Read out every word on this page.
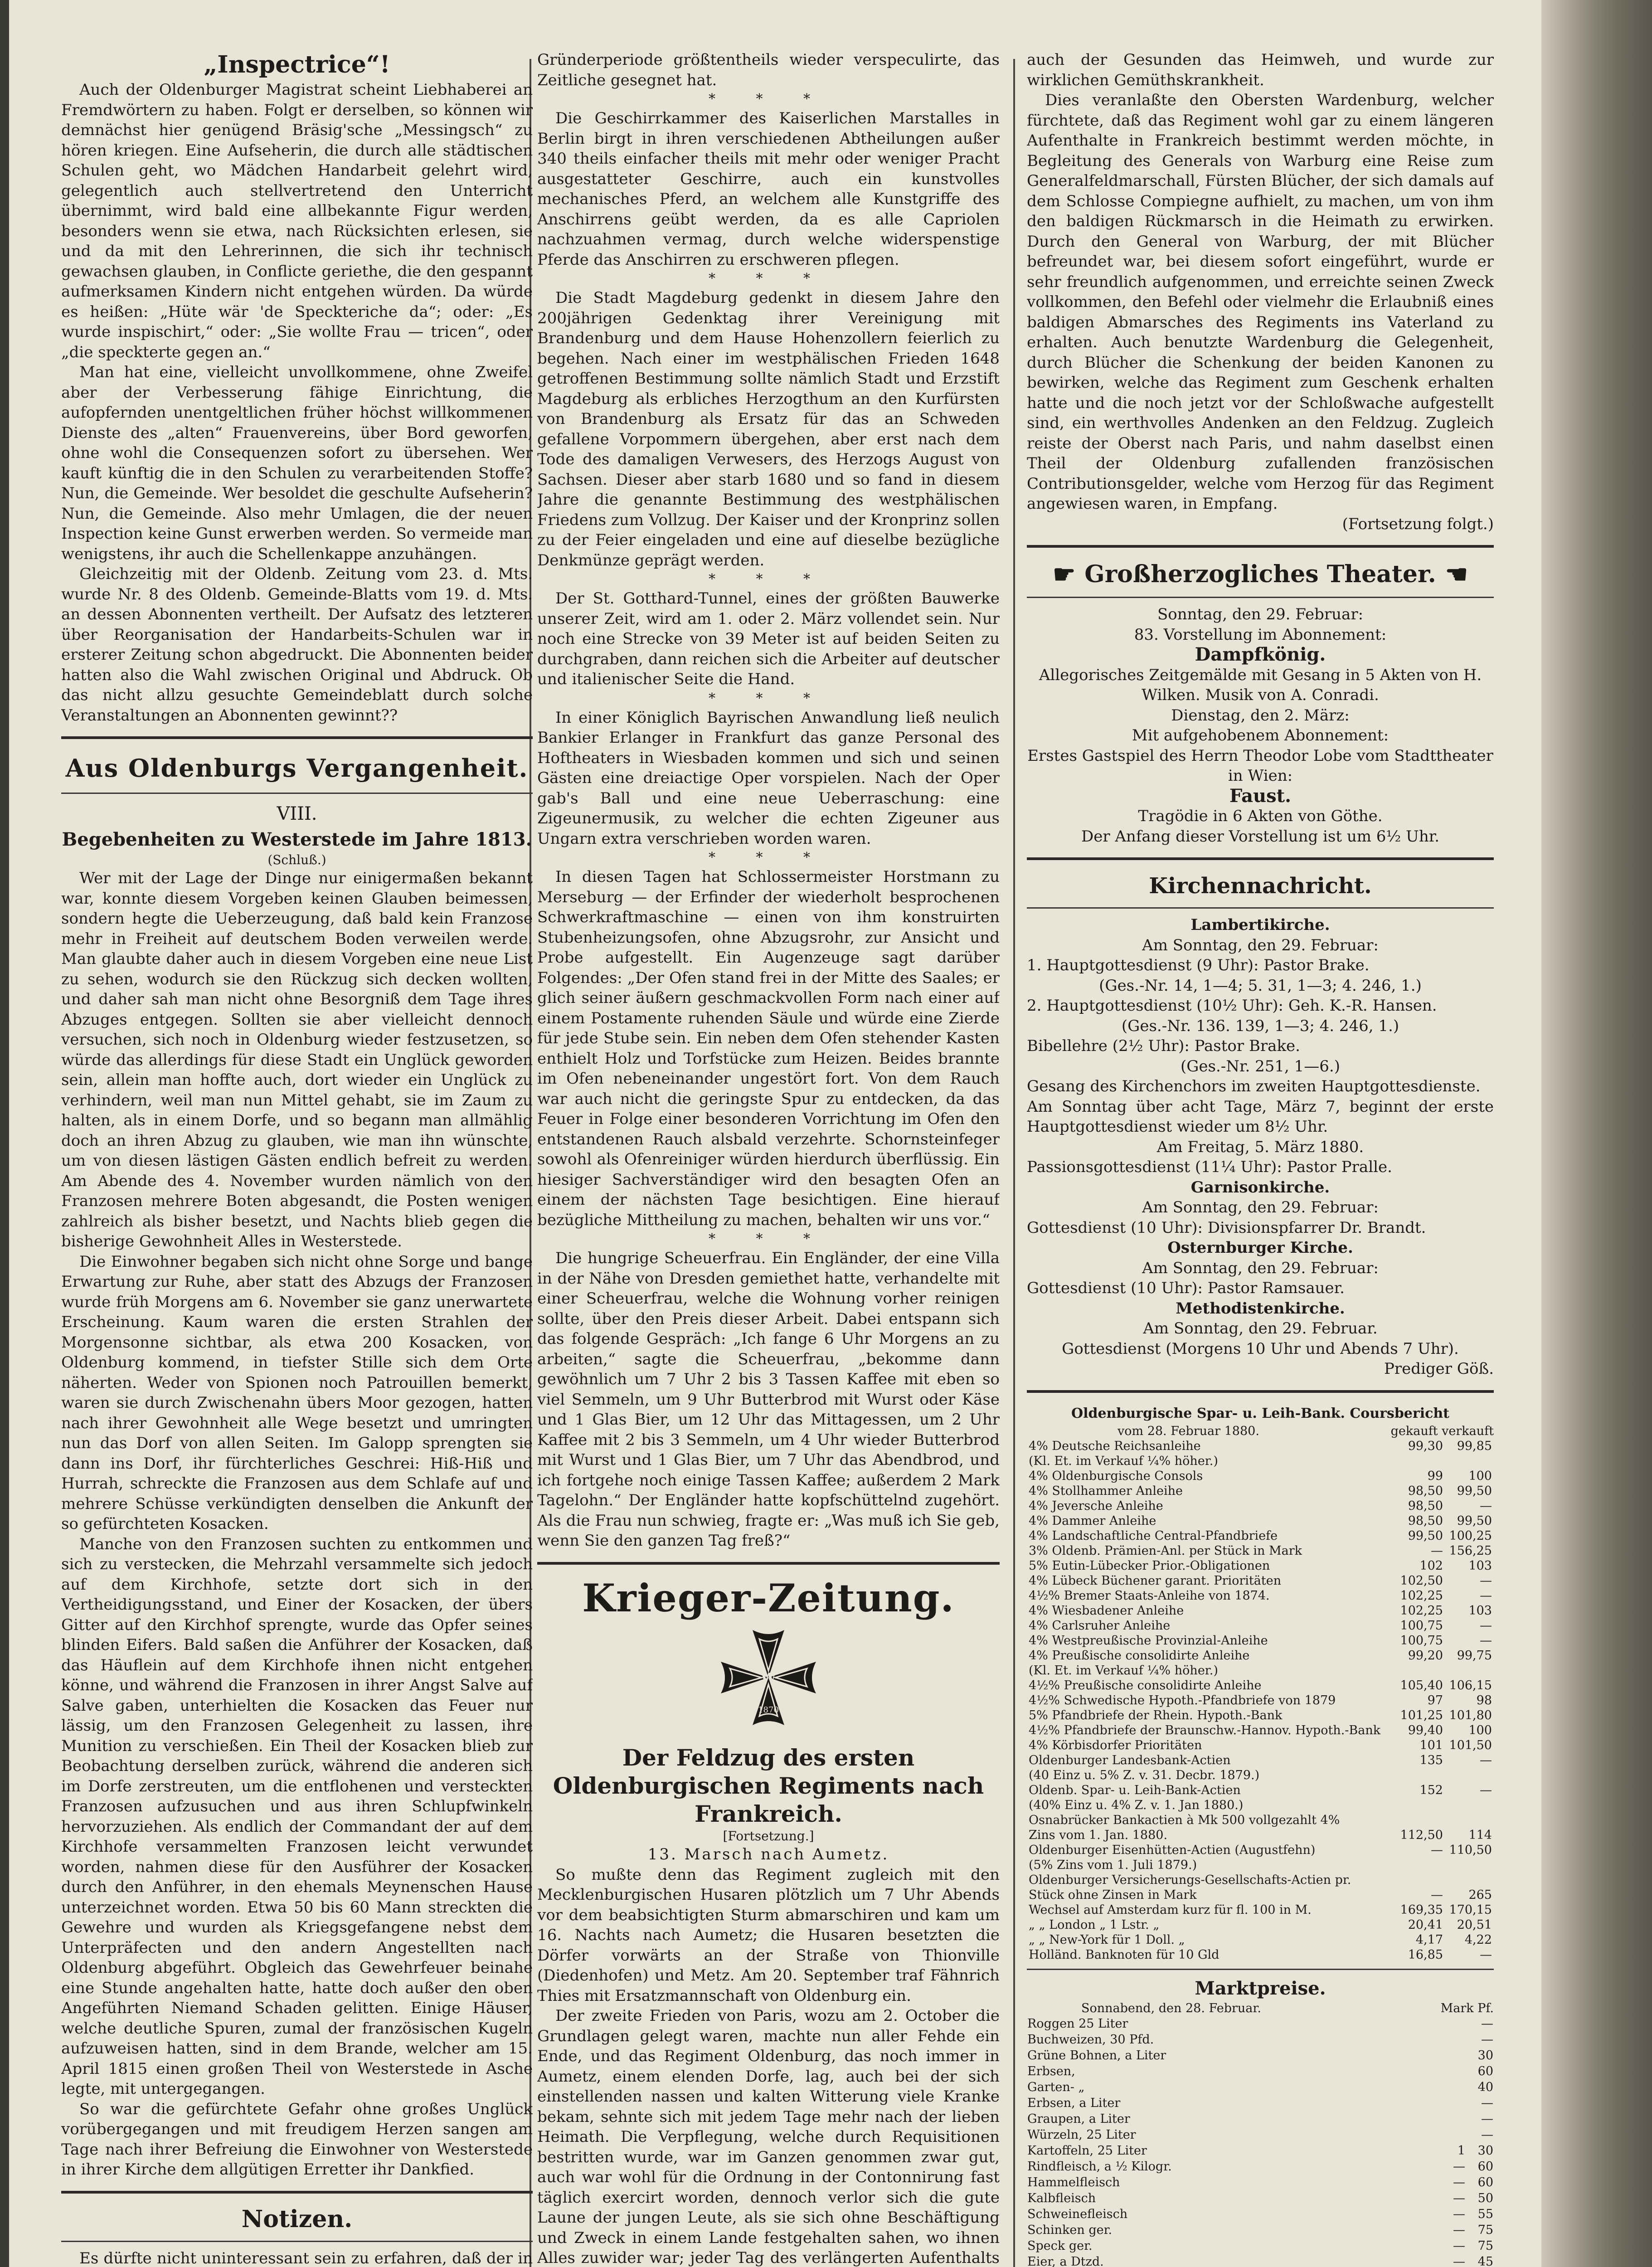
„Inspectrice“!

Auch der Oldenburger Magistrat scheint Liebhaberei an Fremdwörtern zu haben. Folgt er derselben, so können wir demnächst hier genügend Bräsig'sche „Messingsch“ zu hören kriegen. Eine Aufseherin, die durch alle städtischen Schulen geht, wo Mädchen Handarbeit gelehrt wird, gelegentlich auch stellvertretend den Unterricht übernimmt, wird bald eine allbekannte Figur werden, besonders wenn sie etwa, nach Rücksichten erlesen, sie und da mit den Lehrerinnen, die sich ihr technisch gewachsen glauben, in Conflicte geriethe, die den gespannt aufmerksamen Kindern nicht entgehen würden. Da würde es heißen: „Hüte wär 'de Speckteriche da“; oder: „Es wurde inspischirt,“ oder: „Sie wollte Frau — tricen“, oder „die speckterte gegen an.“

Man hat eine, vielleicht unvollkommene, ohne Zweifel aber der Verbesserung fähige Einrichtung, die aufopfernden unentgeltlichen früher höchst willkommenen Dienste des „alten“ Frauenvereins, über Bord geworfen, ohne wohl die Consequenzen sofort zu übersehen. Wer kauft künftig die in den Schulen zu verarbeitenden Stoffe? Nun, die Gemeinde. Wer besoldet die geschulte Aufseherin? Nun, die Gemeinde. Also mehr Umlagen, die der neuen Inspection keine Gunst erwerben werden. So vermeide man wenigstens, ihr auch die Schellenkappe anzuhängen.

Gleichzeitig mit der Oldenb. Zeitung vom 23. d. Mts. wurde Nr. 8 des Oldenb. Gemeinde-Blatts vom 19. d. Mts. an dessen Abonnenten vertheilt. Der Aufsatz des letzteren über Reorganisation der Handarbeits-Schulen war in ersterer Zeitung schon abgedruckt. Die Abonnenten beider hatten also die Wahl zwischen Original und Abdruck. Ob das nicht allzu gesuchte Gemeindeblatt durch solche Veranstaltungen an Abonnenten gewinnt??

Aus Oldenburgs Vergangenheit.
VIII.
Begebenheiten zu Westerstede im Jahre 1813.
(Schluß.)

Wer mit der Lage der Dinge nur einigermaßen bekannt war, konnte diesem Vorgeben keinen Glauben beimessen, sondern hegte die Ueberzeugung, daß bald kein Franzose mehr in Freiheit auf deutschem Boden verweilen werde. Man glaubte daher auch in diesem Vorgeben eine neue List zu sehen, wodurch sie den Rückzug sich decken wollten, und daher sah man nicht ohne Besorgniß dem Tage ihres Abzuges entgegen. Sollten sie aber vielleicht dennoch versuchen, sich noch in Oldenburg wieder festzusetzen, so würde das allerdings für diese Stadt ein Unglück geworden sein, allein man hoffte auch, dort wieder ein Unglück zu verhindern, weil man nun Mittel gehabt, sie im Zaum zu halten, als in einem Dorfe, und so begann man allmählig doch an ihren Abzug zu glauben, wie man ihn wünschte, um von diesen lästigen Gästen endlich befreit zu werden. Am Abende des 4. November wurden nämlich von den Franzosen mehrere Boten abgesandt, die Posten wenigen zahlreich als bisher besetzt, und Nachts blieb gegen die bisherige Gewohnheit Alles in Westerstede.

Die Einwohner begaben sich nicht ohne Sorge und bange Erwartung zur Ruhe, aber statt des Abzugs der Franzosen wurde früh Morgens am 6. November sie ganz unerwartete Erscheinung. Kaum waren die ersten Strahlen der Morgensonne sichtbar, als etwa 200 Kosacken, von Oldenburg kommend, in tiefster Stille sich dem Orte näherten. Weder von Spionen noch Patrouillen bemerkt, waren sie durch Zwischenahn übers Moor gezogen, hatten nach ihrer Gewohnheit alle Wege besetzt und umringten nun das Dorf von allen Seiten. Im Galopp sprengten sie dann ins Dorf, ihr fürchterliches Geschrei: Hiß-Hiß und Hurrah, schreckte die Franzosen aus dem Schlafe auf und mehrere Schüsse verkündigten denselben die Ankunft der so gefürchteten Kosacken.

Manche von den Franzosen suchten zu entkommen und sich zu verstecken, die Mehrzahl versammelte sich jedoch auf dem Kirchhofe, setzte dort sich in den Vertheidigungsstand, und Einer der Kosacken, der übers Gitter auf den Kirchhof sprengte, wurde das Opfer seines blinden Eifers. Bald saßen die Anführer der Kosacken, daß das Häuflein auf dem Kirchhofe ihnen nicht entgehen könne, und während die Franzosen in ihrer Angst Salve auf Salve gaben, unterhielten die Kosacken das Feuer nur lässig, um den Franzosen Gelegenheit zu lassen, ihre Munition zu verschießen. Ein Theil der Kosacken blieb zur Beobachtung derselben zurück, während die anderen sich im Dorfe zerstreuten, um die entflohenen und versteckten Franzosen aufzusuchen und aus ihren Schlupfwinkeln hervorzuziehen. Als endlich der Commandant der auf dem Kirchhofe versammelten Franzosen leicht verwundet worden, nahmen diese für den Ausführer der Kosacken durch den Anführer, in den ehemals Meynenschen Hause unterzeichnet worden. Etwa 50 bis 60 Mann streckten die Gewehre und wurden als Kriegsgefangene nebst dem Unterpräfecten und den andern Angestellten nach Oldenburg abgeführt. Obgleich das Gewehrfeuer beinahe eine Stunde angehalten hatte, hatte doch außer den oben Angeführten Niemand Schaden gelitten. Einige Häuser, welche deutliche Spuren, zumal der französischen Kugeln aufzuweisen hatten, sind in dem Brande, welcher am 15. April 1815 einen großen Theil von Westerstede in Asche legte, mit untergegangen.

So war die gefürchtete Gefahr ohne großes Unglück vorübergegangen und mit freudigem Herzen sangen am Tage nach ihrer Befreiung die Einwohner von Westerstede in ihrer Kirche dem allgütigen Erretter ihr Dankfied.

Notizen.

Es dürfte nicht uninteressant sein zu erfahren, daß der in

Gründerperiode größtentheils wieder verspeculirte, das Zeitliche gesegnet hat.

* * *

Die Geschirrkammer des Kaiserlichen Marstalles in Berlin birgt in ihren verschiedenen Abtheilungen außer 340 theils einfacher theils mit mehr oder weniger Pracht ausgestatteter Geschirre, auch ein kunstvolles mechanisches Pferd, an welchem alle Kunstgriffe des Anschirrens geübt werden, da es alle Capriolen nachzuahmen vermag, durch welche widerspenstige Pferde das Anschirren zu erschweren pflegen.

* * *

Die Stadt Magdeburg gedenkt in diesem Jahre den 200jährigen Gedenktag ihrer Vereinigung mit Brandenburg und dem Hause Hohenzollern feierlich zu begehen. Nach einer im westphälischen Frieden 1648 getroffenen Bestimmung sollte nämlich Stadt und Erzstift Magdeburg als erbliches Herzogthum an den Kurfürsten von Brandenburg als Ersatz für das an Schweden gefallene Vorpommern übergehen, aber erst nach dem Tode des damaligen Verwesers, des Herzogs August von Sachsen. Dieser aber starb 1680 und so fand in diesem Jahre die genannte Bestimmung des westphälischen Friedens zum Vollzug. Der Kaiser und der Kronprinz sollen zu der Feier eingeladen und eine auf dieselbe bezügliche Denkmünze geprägt werden.

* * *

Der St. Gotthard-Tunnel, eines der größten Bauwerke unserer Zeit, wird am 1. oder 2. März vollendet sein. Nur noch eine Strecke von 39 Meter ist auf beiden Seiten zu durchgraben, dann reichen sich die Arbeiter auf deutscher und italienischer Seite die Hand.

* * *

In einer Königlich Bayrischen Anwandlung ließ neulich Bankier Erlanger in Frankfurt das ganze Personal des Hoftheaters in Wiesbaden kommen und sich und seinen Gästen eine dreiactige Oper vorspielen. Nach der Oper gab's Ball und eine neue Ueberraschung: eine Zigeunermusik, zu welcher die echten Zigeuner aus Ungarn extra verschrieben worden waren.

* * *

In diesen Tagen hat Schlossermeister Horstmann zu Merseburg — der Erfinder der wiederholt besprochenen Schwerkraftmaschine — einen von ihm konstruirten Stubenheizungsofen, ohne Abzugsrohr, zur Ansicht und Probe aufgestellt. Ein Augenzeuge sagt darüber Folgendes: „Der Ofen stand frei in der Mitte des Saales; er glich seiner äußern geschmackvollen Form nach einer auf einem Postamente ruhenden Säule und würde eine Zierde für jede Stube sein. Ein neben dem Ofen stehender Kasten enthielt Holz und Torfstücke zum Heizen. Beides brannte im Ofen nebeneinander ungestört fort. Von dem Rauch war auch nicht die geringste Spur zu entdecken, da das Feuer in Folge einer besonderen Vorrichtung im Ofen den entstandenen Rauch alsbald verzehrte. Schornsteinfeger sowohl als Ofenreiniger würden hierdurch überflüssig. Ein hiesiger Sachverständiger wird den besagten Ofen an einem der nächsten Tage besichtigen. Eine hierauf bezügliche Mittheilung zu machen, behalten wir uns vor.“

* * *

Die hungrige Scheuerfrau. Ein Engländer, der eine Villa in der Nähe von Dresden gemiethet hatte, verhandelte mit einer Scheuerfrau, welche die Wohnung vorher reinigen sollte, über den Preis dieser Arbeit. Dabei entspann sich das folgende Gespräch: „Ich fange 6 Uhr Morgens an zu arbeiten,“ sagte die Scheuerfrau, „bekomme dann gewöhnlich um 7 Uhr 2 bis 3 Tassen Kaffee mit eben so viel Semmeln, um 9 Uhr Butterbrod mit Wurst oder Käse und 1 Glas Bier, um 12 Uhr das Mittagessen, um 2 Uhr Kaffee mit 2 bis 3 Semmeln, um 4 Uhr wieder Butterbrod mit Wurst und 1 Glas Bier, um 7 Uhr das Abendbrod, und ich fortgehe noch einige Tassen Kaffee; außerdem 2 Mark Tagelohn.“ Der Engländer hatte kopfschüttelnd zugehört. Als die Frau nun schwieg, fragte er: „Was muß ich Sie geb, wenn Sie den ganzen Tag freß?“

Krieger-Zeitung.
W
1870
Der Feldzug des ersten Oldenburgischen Regiments nach Frankreich.
[Fortsetzung.]
13. Marsch nach Aumetz.

So mußte denn das Regiment zugleich mit den Mecklenburgischen Husaren plötzlich um 7 Uhr Abends vor dem beabsichtigten Sturm abmarschiren und kam um 16. Nachts nach Aumetz; die Husaren besetzten die Dörfer vorwärts an der Straße von Thionville (Diedenhofen) und Metz. Am 20. September traf Fähnrich Thies mit Ersatzmannschaft von Oldenburg ein.

Der zweite Frieden von Paris, wozu am 2. October die Grundlagen gelegt waren, machte nun aller Fehde ein Ende, und das Regiment Oldenburg, das noch immer in Aumetz, einem elenden Dorfe, lag, auch bei der sich einstellenden nassen und kalten Witterung viele Kranke bekam, sehnte sich mit jedem Tage mehr nach der lieben Heimath. Die Verpflegung, welche durch Requisitionen bestritten wurde, war im Ganzen genommen zwar gut, auch war wohl für die Ordnung in der Contonnirung fast täglich exercirt worden, dennoch verlor sich die gute Laune der jungen Leute, als sie sich ohne Beschäftigung und Zweck in einem Lande festgehalten sahen, wo ihnen Alles zuwider war; jeder Tag des verlängerten Aufenthalts

auch der Gesunden das Heimweh, und wurde zur wirklichen Gemüthskrankheit.

Dies veranlaßte den Obersten Wardenburg, welcher fürchtete, daß das Regiment wohl gar zu einem längeren Aufenthalte in Frankreich bestimmt werden möchte, in Begleitung des Generals von Warburg eine Reise zum Generalfeldmarschall, Fürsten Blücher, der sich damals auf dem Schlosse Compiegne aufhielt, zu machen, um von ihm den baldigen Rückmarsch in die Heimath zu erwirken. Durch den General von Warburg, der mit Blücher befreundet war, bei diesem sofort eingeführt, wurde er sehr freundlich aufgenommen, und erreichte seinen Zweck vollkommen, den Befehl oder vielmehr die Erlaubniß eines baldigen Abmarsches des Regiments ins Vaterland zu erhalten. Auch benutzte Wardenburg die Gelegenheit, durch Blücher die Schenkung der beiden Kanonen zu bewirken, welche das Regiment zum Geschenk erhalten hatte und die noch jetzt vor der Schloßwache aufgestellt sind, ein werthvolles Andenken an den Feldzug. Zugleich reiste der Oberst nach Paris, und nahm daselbst einen Theil der Oldenburg zufallenden französischen Contributionsgelder, welche vom Herzog für das Regiment angewiesen waren, in Empfang.

(Fortsetzung folgt.)
☛ Großherzogliches Theater. ☚
Sonntag, den 29. Februar:
83. Vorstellung im Abonnement:
Dampfkönig.
Allegorisches Zeitgemälde mit Gesang in 5 Akten von H. Wilken. Musik von A. Conradi.
Dienstag, den 2. März:
Mit aufgehobenem Abonnement:
Erstes Gastspiel des Herrn Theodor Lobe vom Stadttheater in Wien:
Faust.
Tragödie in 6 Akten von Göthe.
Der Anfang dieser Vorstellung ist um 6½ Uhr.
Kirchennachricht.
Lambertikirche.
Am Sonntag, den 29. Februar:
1. Hauptgottesdienst (9 Uhr): Pastor Brake.
(Ges.-Nr. 14, 1—4; 5. 31, 1—3; 4. 246, 1.)
2. Hauptgottesdienst (10½ Uhr): Geh. K.-R. Hansen.
(Ges.-Nr. 136. 139, 1—3; 4. 246, 1.)
Bibellehre (2½ Uhr): Pastor Brake.
(Ges.-Nr. 251, 1—6.)
Gesang des Kirchenchors im zweiten Hauptgottesdienste.
Am Sonntag über acht Tage, März 7, beginnt der erste Hauptgottesdienst wieder um 8½ Uhr.
Am Freitag, 5. März 1880.
Passionsgottesdienst (11¼ Uhr): Pastor Pralle.
Garnisonkirche.
Am Sonntag, den 29. Februar:
Gottesdienst (10 Uhr): Divisionspfarrer Dr. Brandt.
Osternburger Kirche.
Am Sonntag, den 29. Februar:
Gottesdienst (10 Uhr): Pastor Ramsauer.
Methodistenkirche.
Am Sonntag, den 29. Februar.
Gottesdienst (Morgens 10 Uhr und Abends 7 Uhr).
Prediger Göß.
Oldenburgische Spar- u. Leih-Bank. Coursbericht
vom 28. Februar 1880.	gekauft verkauft
4% Deutsche Reichsanleihe	99,30	99,85
(Kl. Et. im Verkauf ¼% höher.)		
4% Oldenburgische Consols	99	100
4% Stollhammer Anleihe	98,50	99,50
4% Jeversche Anleihe	98,50	—
4% Dammer Anleihe	98,50	99,50
4% Landschaftliche Central-Pfandbriefe	99,50	100,25
3% Oldenb. Prämien-Anl. per Stück in Mark	—	156,25
5% Eutin-Lübecker Prior.-Obligationen	102	103
4% Lübeck Büchener garant. Prioritäten	102,50	—
4½% Bremer Staats-Anleihe von 1874.	102,25	—
4% Wiesbadener Anleihe	102,25	103
4% Carlsruher Anleihe	100,75	—
4% Westpreußische Provinzial-Anleihe	100,75	—
4% Preußische consolidirte Anleihe	99,20	99,75
(Kl. Et. im Verkauf ¼% höher.)		
4½% Preußische consolidirte Anleihe	105,40	106,15
4½% Schwedische Hypoth.-Pfandbriefe von 1879	97	98
5% Pfandbriefe der Rhein. Hypoth.-Bank	101,25	101,80
4½% Pfandbriefe der Braunschw.-Hannov. Hypoth.-Bank	99,40	100
4% Körbisdorfer Prioritäten	101	101,50
Oldenburger Landesbank-Actien	135	—
(40 Einz u. 5% Z. v. 31. Decbr. 1879.)		
Oldenb. Spar- u. Leih-Bank-Actien	152	—
(40% Einz u. 4% Z. v. 1. Jan 1880.)		
Osnabrücker Bankactien à Mk 500 vollgezahlt 4%		
Zins vom 1. Jan. 1880.	112,50	114
Oldenburger Eisenhütten-Actien (Augustfehn)	—	110,50
(5% Zins vom 1. Juli 1879.)		
Oldenburger Versicherungs-Gesellschafts-Actien pr.		
Stück ohne Zinsen in Mark	—	265
Wechsel auf Amsterdam kurz für fl. 100 in M.	169,35	170,15
„ „ London „ 1 Lstr. „	20,41	20,51
„ „ New-York für 1 Doll. „	4,17	4,22
Holländ. Banknoten für 10 Gld	16,85	—
Marktpreise.
Sonnabend, den 28. Februar.	Mark Pf.
Roggen 25 Liter		—
Buchweizen, 30 Pfd.		—
Grüne Bohnen, a Liter		30
Erbsen,		60
Garten- „		40
Erbsen, a Liter		—
Graupen, a Liter		—
Würzeln, 25 Liter		—
Kartoffeln, 25 Liter	1	30
Rindfleisch, a ½ Kilogr.	—	60
Hammelfleisch	—	60
Kalbfleisch	—	50
Schweinefleisch	—	55
Schinken ger.	—	75
Speck ger.	—	75
Eier, a Dtzd.	—	45
